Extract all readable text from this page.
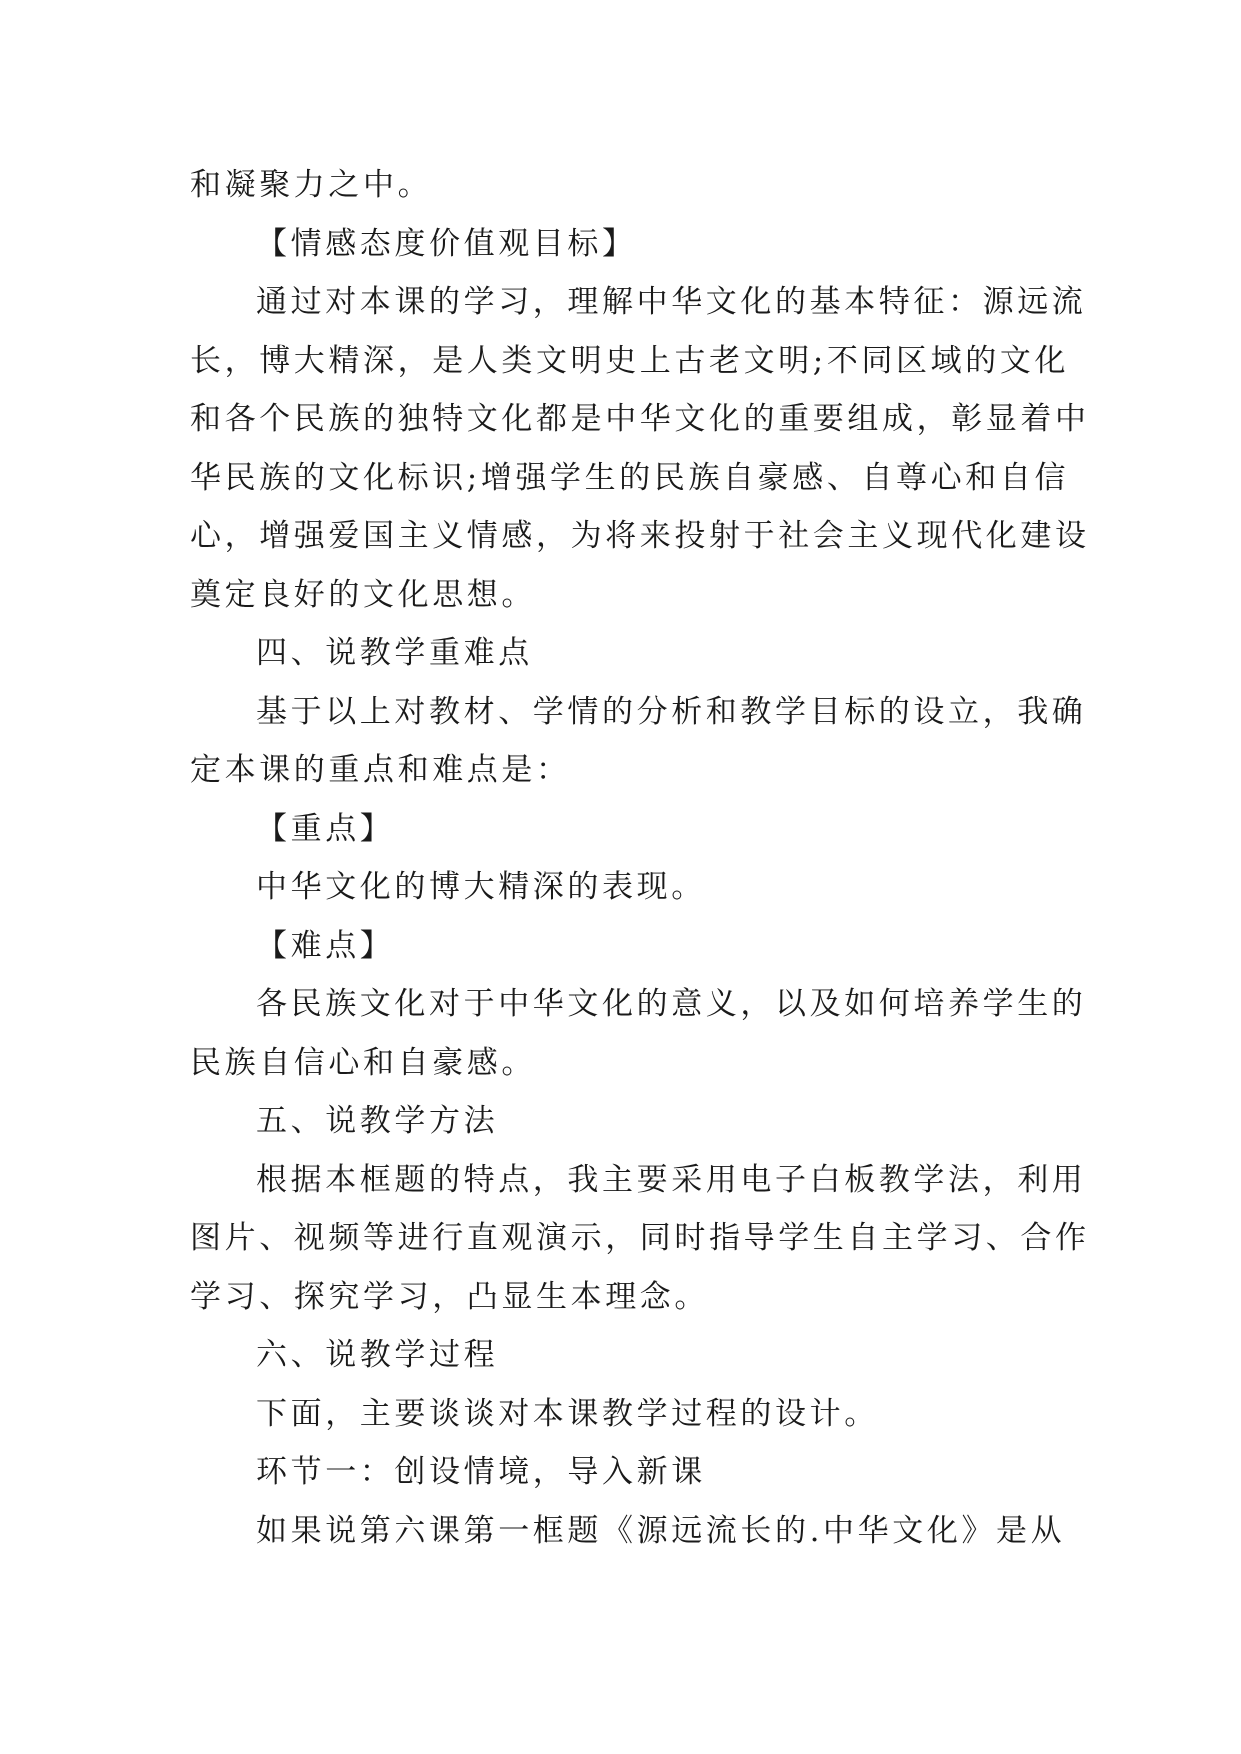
和凝聚力之中。
【情感态度价值观目标】
通过对本课的学习，理解中华文化的基本特征：源远流
长，博大精深，是人类文明史上古老文明;不同区域的文化
和各个民族的独特文化都是中华文化的重要组成，彰显着中
华民族的文化标识;增强学生的民族自豪感、自尊心和自信
心，增强爱国主义情感，为将来投射于社会主义现代化建设
奠定良好的文化思想。
四、说教学重难点
基于以上对教材、学情的分析和教学目标的设立，我确
定本课的重点和难点是：
【重点】
中华文化的博大精深的表现。
【难点】
各民族文化对于中华文化的意义，以及如何培养学生的
民族自信心和自豪感。
五、说教学方法
根据本框题的特点，我主要采用电子白板教学法，利用
图片、视频等进行直观演示，同时指导学生自主学习、合作
学习、探究学习，凸显生本理念。
六、说教学过程
下面，主要谈谈对本课教学过程的设计。
环节一：创设情境，导入新课
如果说第六课第一框题《源远流长的.中华文化》是从
